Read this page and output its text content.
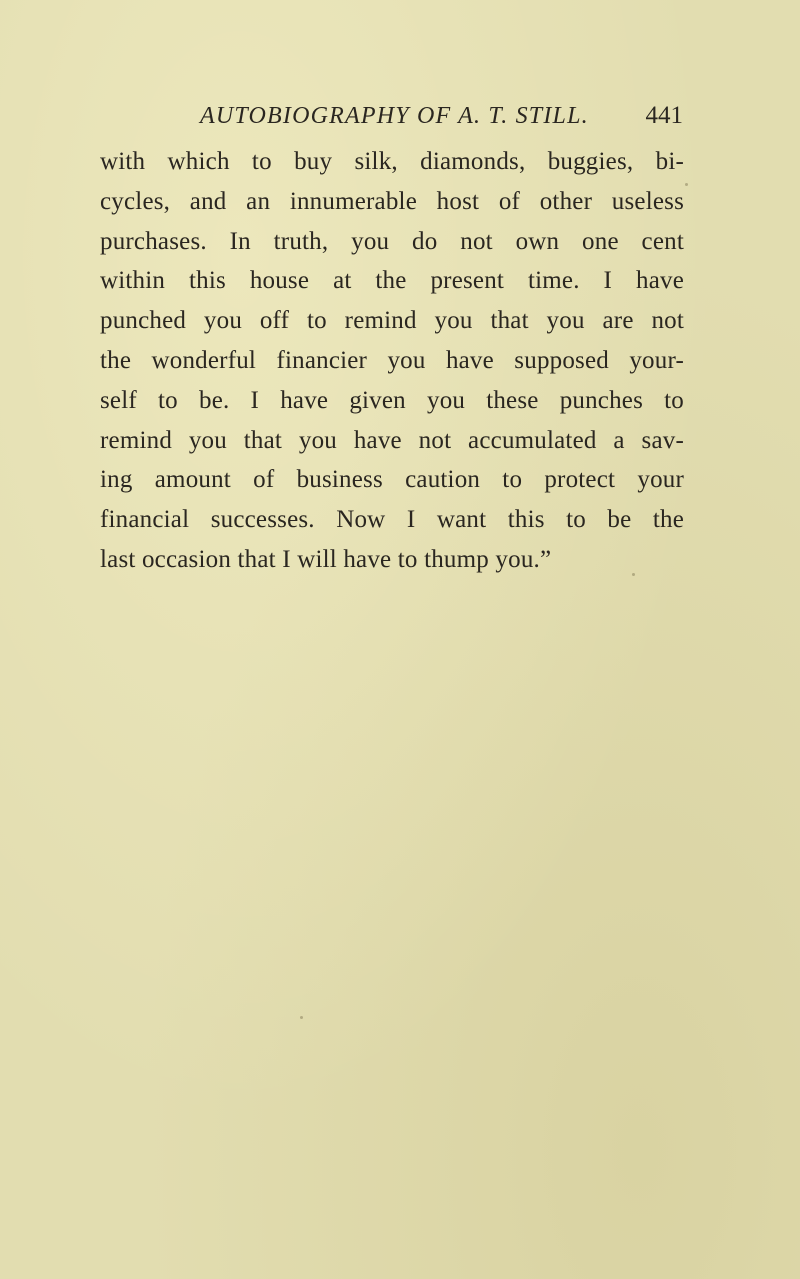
AUTOBIOGRAPHY OF A. T. STILL. 441
with which to buy silk, diamonds, buggies, bi-
cycles, and an innumerable host of other useless
purchases. In truth, you do not own one cent
within this house at the present time. I have
punched you off to remind you that you are not
the wonderful financier you have supposed your-
self to be. I have given you these punches to
remind you that you have not accumulated a sav-
ing amount of business caution to protect your
financial successes. Now I want this to be the
last occasion that I will have to thump you.”
